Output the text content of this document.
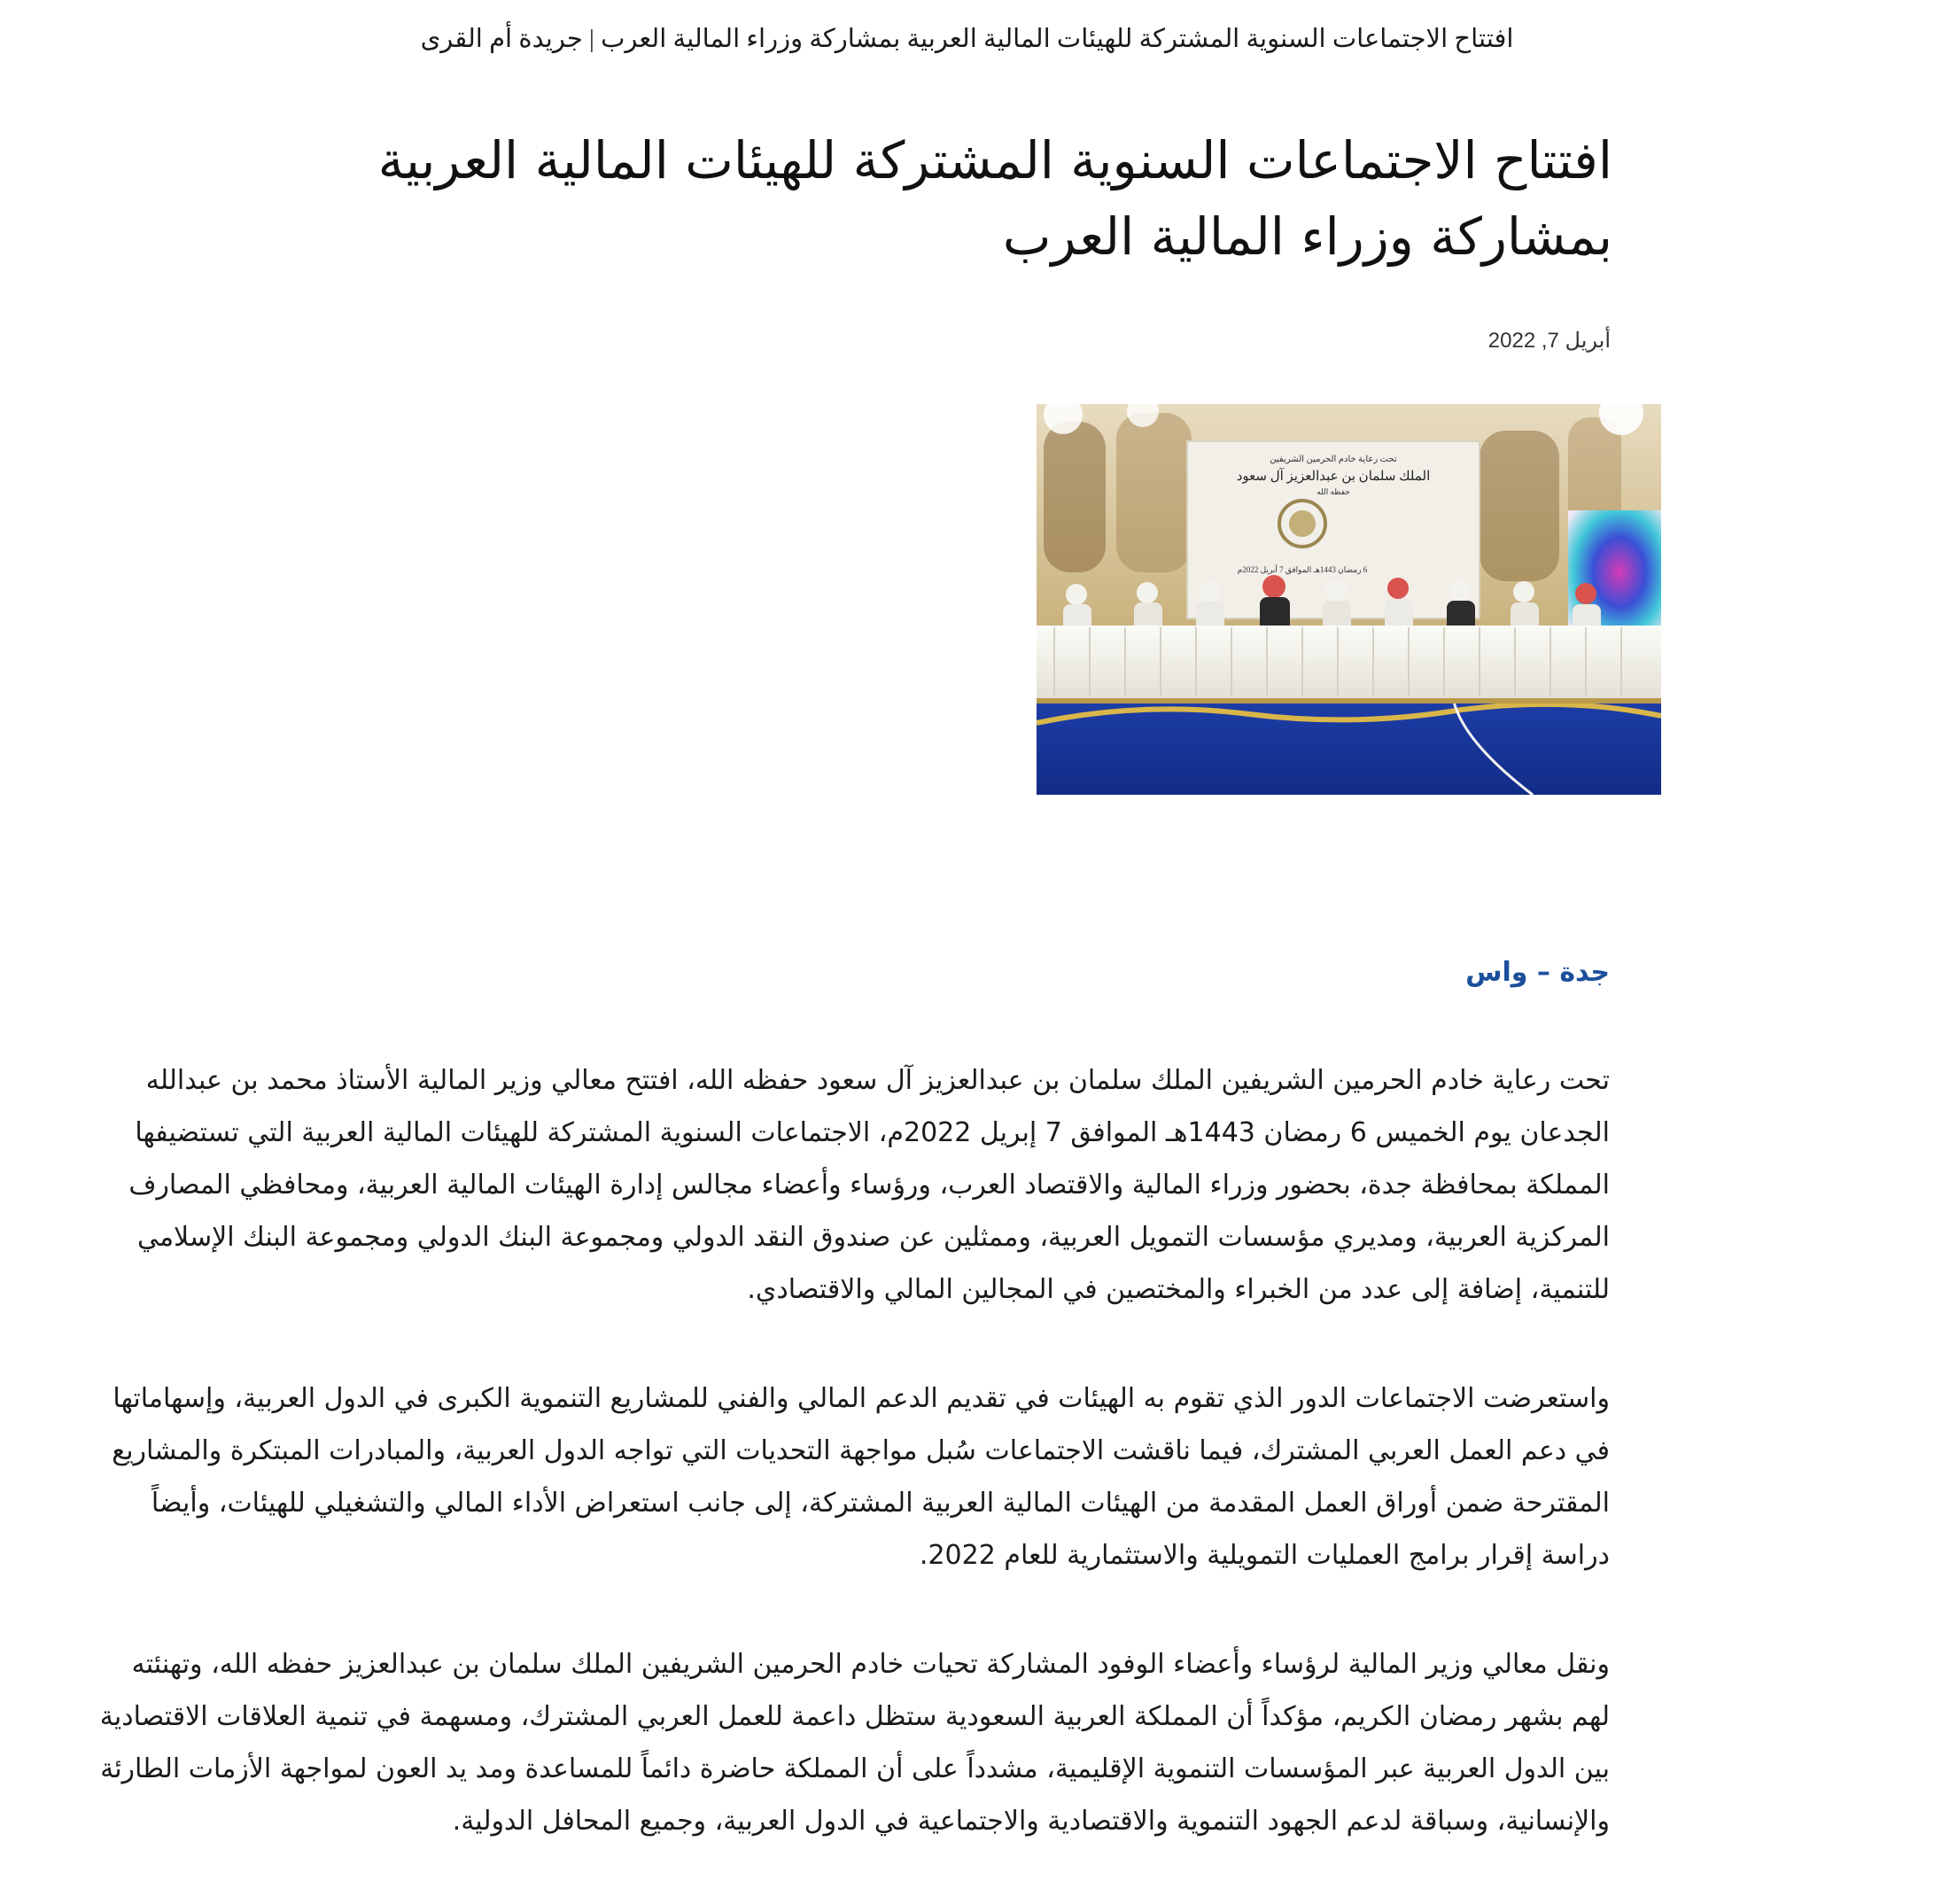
افتتاح الاجتماعات السنوية المشتركة للهيئات المالية العربية بمشاركة وزراء المالية العرب | جريدة أم القرى
افتتاح الاجتماعات السنوية المشتركة للهيئات المالية العربية بمشاركة وزراء المالية العرب
أبريل 7, 2022
تحت رعاية خادم الحرمين الشريفين
الملك سلمان بن عبدالعزيز آل سعود
حفظه الله
6 رمضان 1443هـ الموافق 7 أبريل 2022م
جدة – واس

تحت رعاية خادم الحرمين الشريفين الملك سلمان بن عبدالعزيز آل سعود حفظه الله، افتتح معالي وزير المالية الأستاذ محمد بن عبدالله الجدعان يوم الخميس 6 رمضان 1443هـ الموافق 7 إبريل 2022م، الاجتماعات السنوية المشتركة للهيئات المالية العربية التي تستضيفها المملكة بمحافظة جدة، بحضور وزراء المالية والاقتصاد العرب، ورؤساء وأعضاء مجالس إدارة الهيئات المالية العربية، ومحافظي المصارف المركزية العربية، ومديري مؤسسات التمويل العربية، وممثلين عن صندوق النقد الدولي ومجموعة البنك الدولي ومجموعة البنك الإسلامي للتنمية، إضافة إلى عدد من الخبراء والمختصين في المجالين المالي والاقتصادي.

واستعرضت الاجتماعات الدور الذي تقوم به الهيئات في تقديم الدعم المالي والفني للمشاريع التنموية الكبرى في الدول العربية، وإسهاماتها في دعم العمل العربي المشترك، فيما ناقشت الاجتماعات سُبل مواجهة التحديات التي تواجه الدول العربية، والمبادرات المبتكرة والمشاريع المقترحة ضمن أوراق العمل المقدمة من الهيئات المالية العربية المشتركة، إلى جانب استعراض الأداء المالي والتشغيلي للهيئات، وأيضاً دراسة إقرار برامج العمليات التمويلية والاستثمارية للعام 2022.

ونقل معالي وزير المالية لرؤساء وأعضاء الوفود المشاركة تحيات خادم الحرمين الشريفين الملك سلمان بن عبدالعزيز حفظه الله، وتهنئته لهم بشهر رمضان الكريم، مؤكداً أن المملكة العربية السعودية ستظل داعمة للعمل العربي المشترك، ومسهمة في تنمية العلاقات الاقتصادية بين الدول العربية عبر المؤسسات التنموية الإقليمية، مشدداً على أن المملكة حاضرة دائماً للمساعدة ومد يد العون لمواجهة الأزمات الطارئة والإنسانية، وسباقة لدعم الجهود التنموية والاقتصادية والاجتماعية في الدول العربية، وجميع المحافل الدولية.
